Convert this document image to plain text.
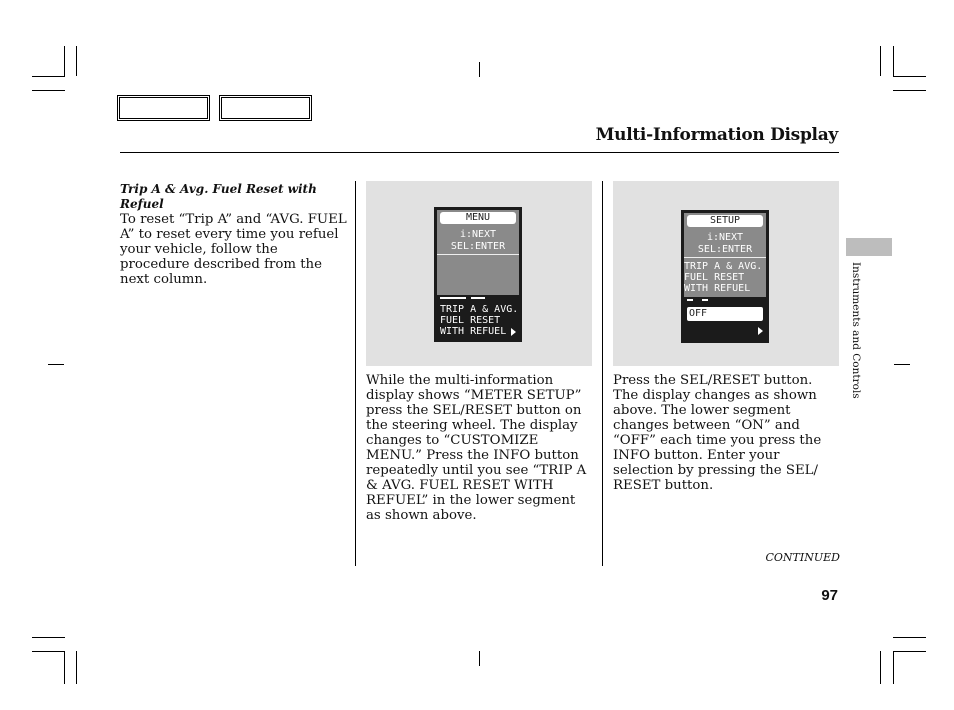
Multi-Information Display

Trip A & Avg. Fuel Reset with Refuel

To reset “Trip A” and “AVG. FUEL A” to reset every time you refuel your vehicle, follow the procedure described from the next column.

MENU
i:NEXT
SEL:ENTER
TRIP A & AVG.
FUEL RESET
WITH REFUEL
While the multi-information display shows “METER SETUP” press the SEL/RESET button on the steering wheel. The display changes to “CUSTOMIZE MENU.” Press the INFO button repeatedly until you see “TRIP A & AVG. FUEL RESET WITH REFUEL” in the lower segment as shown above.
SETUP
i:NEXT
SEL:ENTER
TRIP A & AVG.
FUEL RESET
WITH REFUEL
OFF
Press the SEL/RESET button. The display changes as shown above. The lower segment changes between “ON” and “OFF” each time you press the INFO button. Enter your selection by pressing the SEL/ RESET button.
Instruments and Controls
CONTINUED
97
